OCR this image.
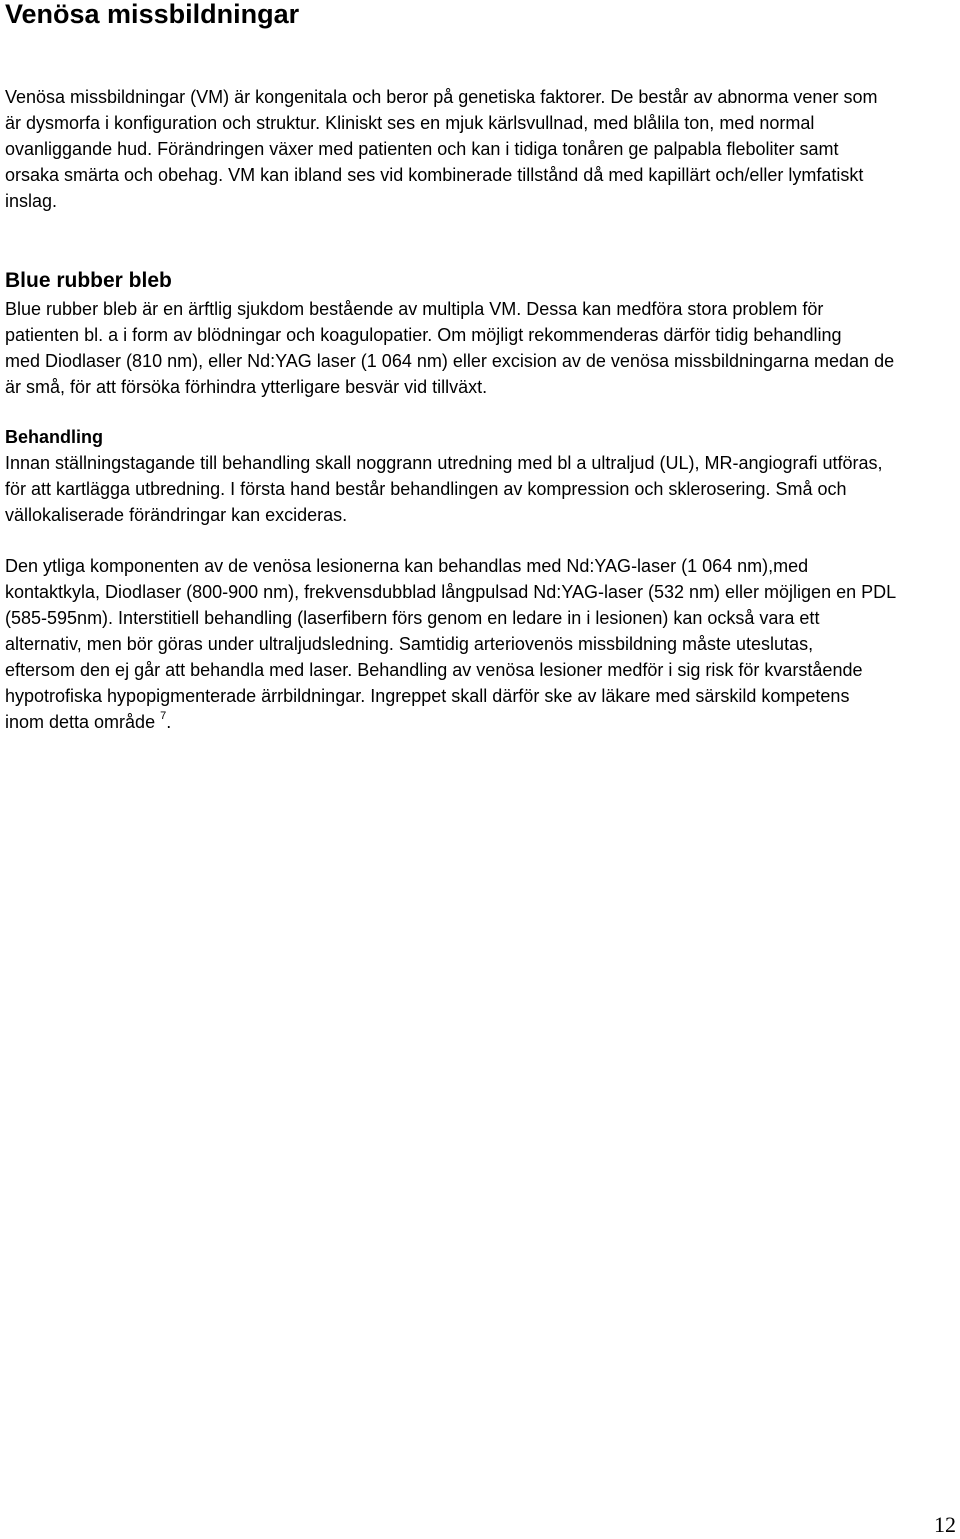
Venösa missbildningar
Venösa missbildningar (VM) är kongenitala och beror på genetiska faktorer. De består av abnorma vener som
är dysmorfa i konfiguration och struktur. Kliniskt ses en mjuk kärlsvullnad, med blålila ton, med normal
ovanliggande hud. Förändringen växer med patienten och kan i tidiga tonåren ge palpabla fleboliter samt
orsaka smärta och obehag. VM kan ibland ses vid kombinerade tillstånd då med kapillärt och/eller lymfatiskt
inslag.
Blue rubber bleb
Blue rubber bleb är en ärftlig sjukdom bestående av multipla VM. Dessa kan medföra stora problem för
patienten bl. a i form av blödningar och koagulopatier. Om möjligt rekommenderas därför tidig behandling
med Diodlaser (810 nm), eller Nd:YAG laser (1 064 nm) eller excision av de venösa missbildningarna medan de
är små, för att försöka förhindra ytterligare besvär vid tillväxt.
Behandling
Innan ställningstagande till behandling skall noggrann utredning med bl a ultraljud (UL), MR-angiografi utföras,
för att kartlägga utbredning. I första hand består behandlingen av kompression och sklerosering. Små och
vällokaliserade förändringar kan excideras.
Den ytliga komponenten av de venösa lesionerna kan behandlas med Nd:YAG-laser (1 064 nm),med
kontaktkyla, Diodlaser (800-900 nm), frekvensdubblad långpulsad Nd:YAG-laser (532 nm) eller möjligen en PDL
(585-595nm). Interstitiell behandling (laserfibern förs genom en ledare in i lesionen) kan också vara ett
alternativ, men bör göras under ultraljudsledning. Samtidig arteriovenös missbildning måste uteslutas,
eftersom den ej går att behandla med laser. Behandling av venösa lesioner medför i sig risk för kvarstående
hypotrofiska hypopigmenterade ärrbildningar. Ingreppet skall därför ske av läkare med särskild kompetens
inom detta område $^7$.
12
